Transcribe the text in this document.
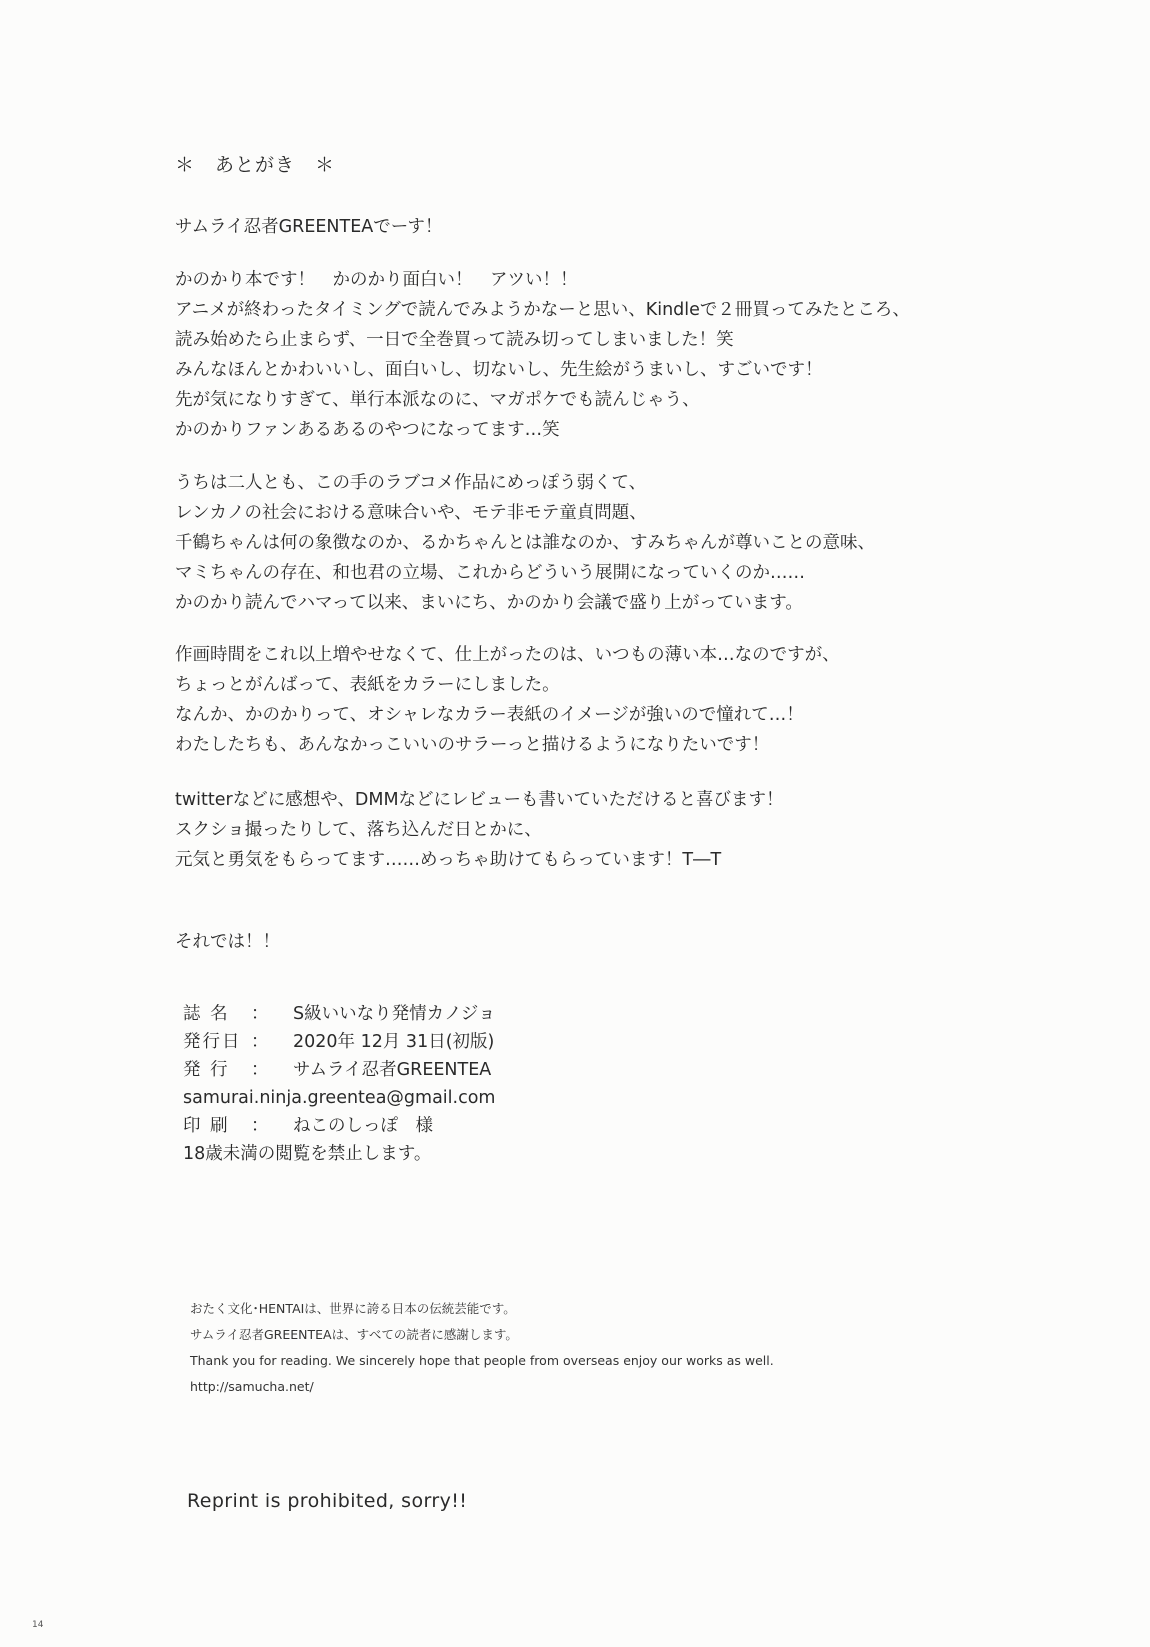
＊　あとがき　＊
サムライ忍者GREENTEAでーす！
かのかり本です！　かのかり面白い！　アツい！！
アニメが終わったタイミングで読んでみようかなーと思い、Kindleで２冊買ってみたところ、
読み始めたら止まらず、一日で全巻買って読み切ってしまいました！笑
みんなほんとかわいいし、面白いし、切ないし、先生絵がうまいし、すごいです！
先が気になりすぎて、単行本派なのに、マガポケでも読んじゃう、
かのかりファンあるあるのやつになってます…笑
うちは二人とも、この手のラブコメ作品にめっぽう弱くて、
レンカノの社会における意味合いや、モテ非モテ童貞問題、
千鶴ちゃんは何の象徴なのか、るかちゃんとは誰なのか、すみちゃんが尊いことの意味、
マミちゃんの存在、和也君の立場、これからどういう展開になっていくのか……
かのかり読んでハマって以来、まいにち、かのかり会議で盛り上がっています。
作画時間をこれ以上増やせなくて、仕上がったのは、いつもの薄い本…なのですが、
ちょっとがんばって、表紙をカラーにしました。
なんか、かのかりって、オシャレなカラー表紙のイメージが強いので憧れて…！
わたしたちも、あんなかっこいいのサラーっと描けるようになりたいです！
twitterなどに感想や、DMMなどにレビューも書いていただけると喜びます！
スクショ撮ったりして、落ち込んだ日とかに、
元気と勇気をもらってます……めっちゃ助けてもらっています！T―T
それでは！！
誌 名	：	S級いいなり発情カノジョ
発行日 ：	2020年 12月 31日(初版)
発 行	：	サムライ忍者GREENTEA
samurai.ninja.greentea@gmail.com
印 刷	：	ねこのしっぽ　様
18歳未満の閲覧を禁止します。
おたく文化･HENTAIは、世界に誇る日本の伝統芸能です。
サムライ忍者GREENTEAは、すべての読者に感謝します。
Thank you for reading. We sincerely hope that people from overseas enjoy our works as well.
http://samucha.net/
Reprint is prohibited, sorry!!
14
